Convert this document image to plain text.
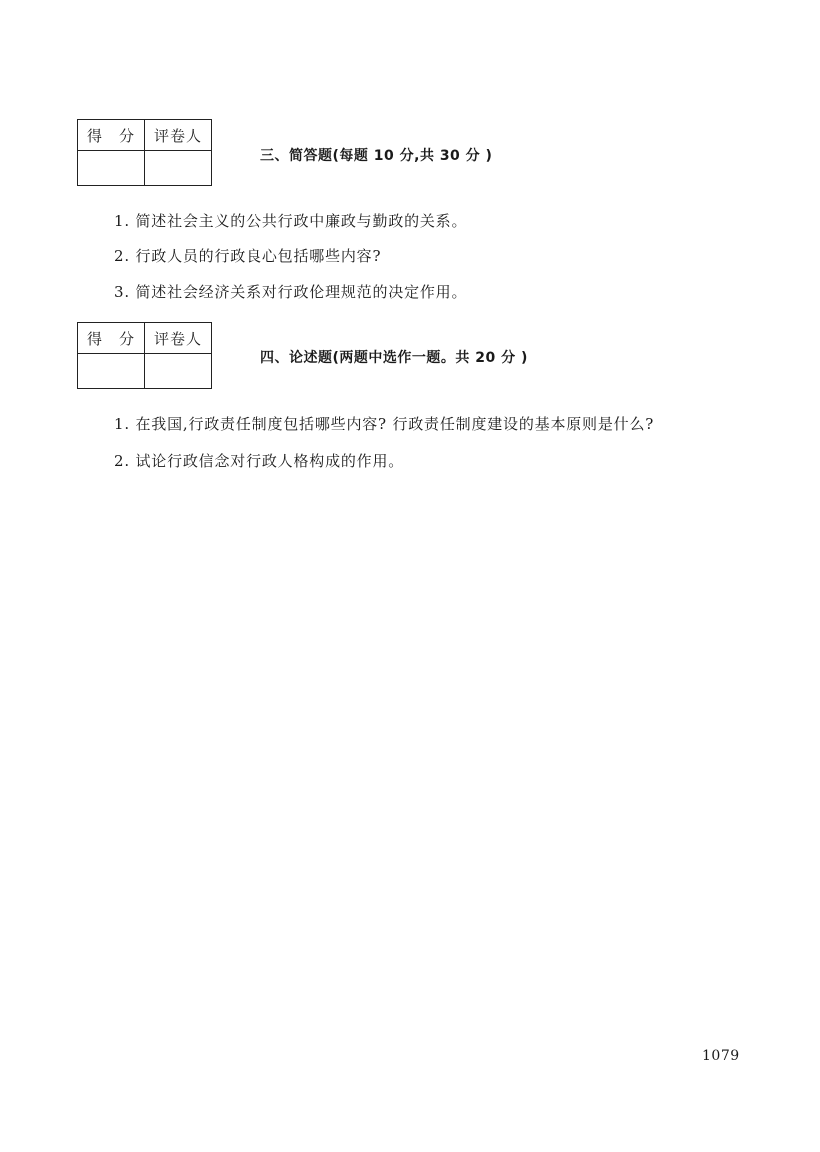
得　分	评卷人

三、简答题(每题 10 分,共 30 分 )
1. 简述社会主义的公共行政中廉政与勤政的关系。
2. 行政人员的行政良心包括哪些内容?
3. 简述社会经济关系对行政伦理规范的决定作用。
得　分	评卷人

四、论述题(两题中选作一题。共 20 分 )
1. 在我国,行政责任制度包括哪些内容? 行政责任制度建设的基本原则是什么?
2. 试论行政信念对行政人格构成的作用。
1079
